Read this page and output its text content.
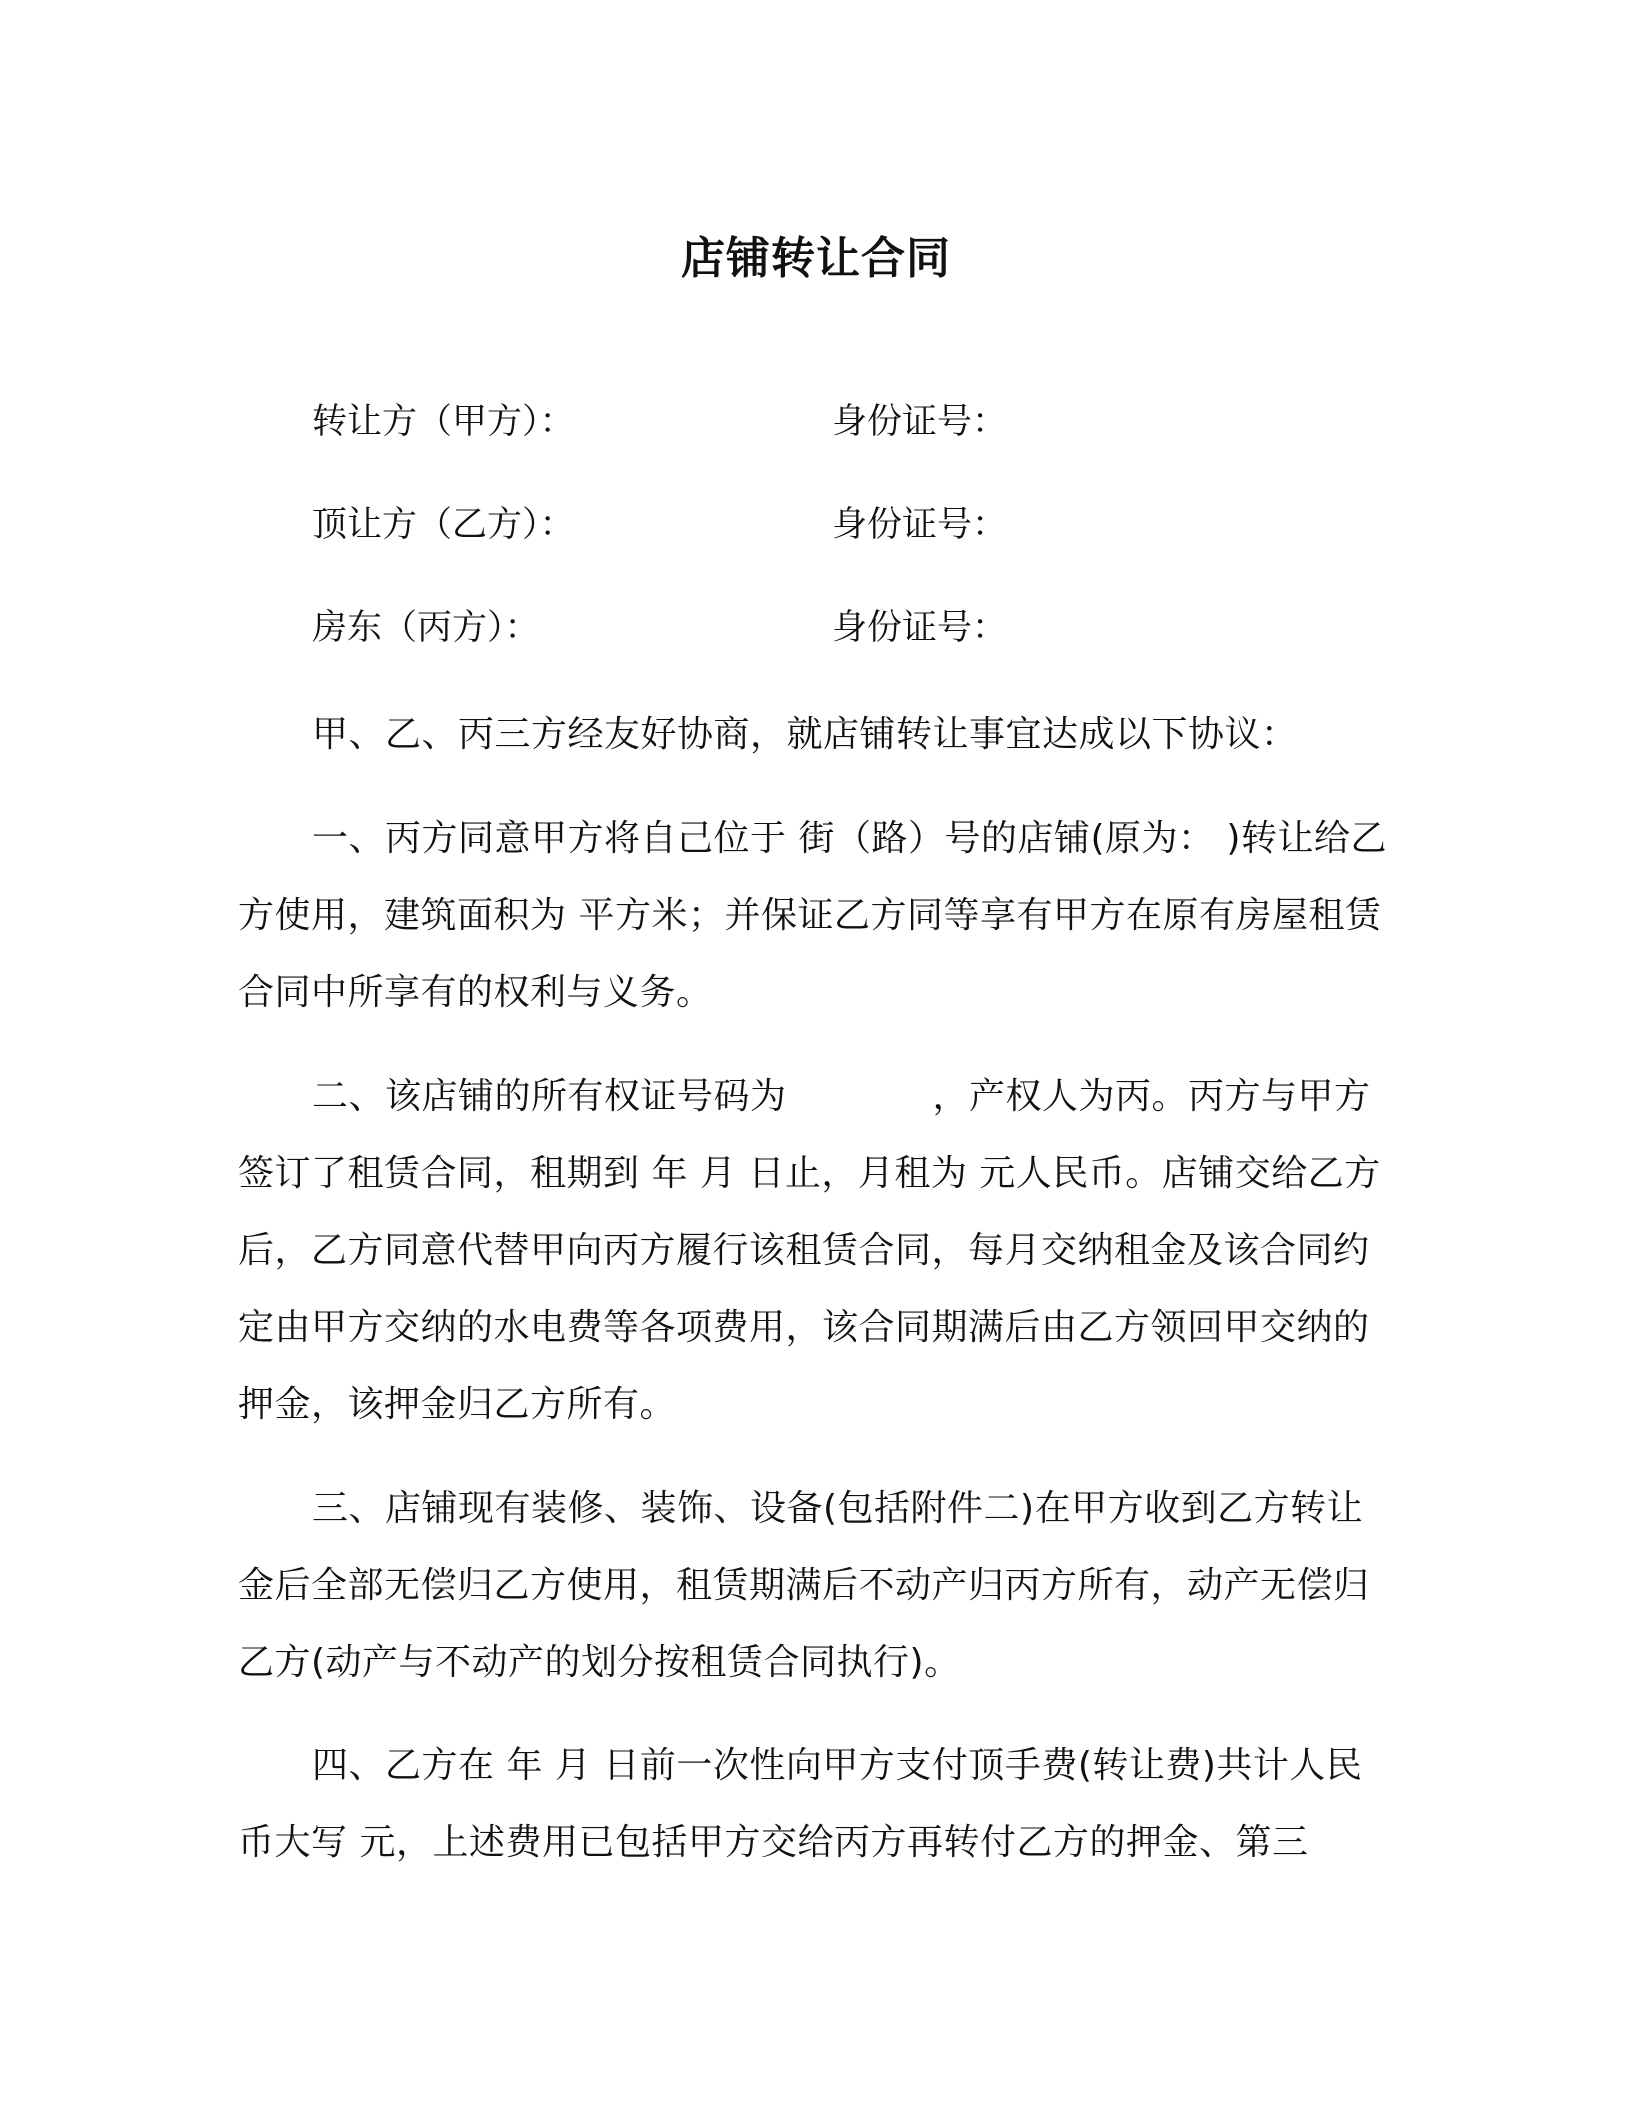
店铺转让合同
转让方（甲方）：	身份证号：
顶让方（乙方）：	身份证号：
房东（丙方）：	身份证号：

甲、乙、丙三方经友好协商，就店铺转让事宜达成以下协议：

一、丙方同意甲方将自己位于 街（路）号的店铺(原为： )转让给乙方使用，建筑面积为 平方米；并保证乙方同等享有甲方在原有房屋租赁合同中所享有的权利与义务。

二、该店铺的所有权证号码为　　　　，产权人为丙。丙方与甲方签订了租赁合同，租期到 年 月 日止，月租为 元人民币。店铺交给乙方后，乙方同意代替甲向丙方履行该租赁合同，每月交纳租金及该合同约定由甲方交纳的水电费等各项费用，该合同期满后由乙方领回甲交纳的押金，该押金归乙方所有。

三、店铺现有装修、装饰、设备(包括附件二)在甲方收到乙方转让金后全部无偿归乙方使用，租赁期满后不动产归丙方所有，动产无偿归乙方(动产与不动产的划分按租赁合同执行)。

四、乙方在 年 月 日前一次性向甲方支付顶手费(转让费)共计人民币大写 元，上述费用已包括甲方交给丙方再转付乙方的押金、第三
